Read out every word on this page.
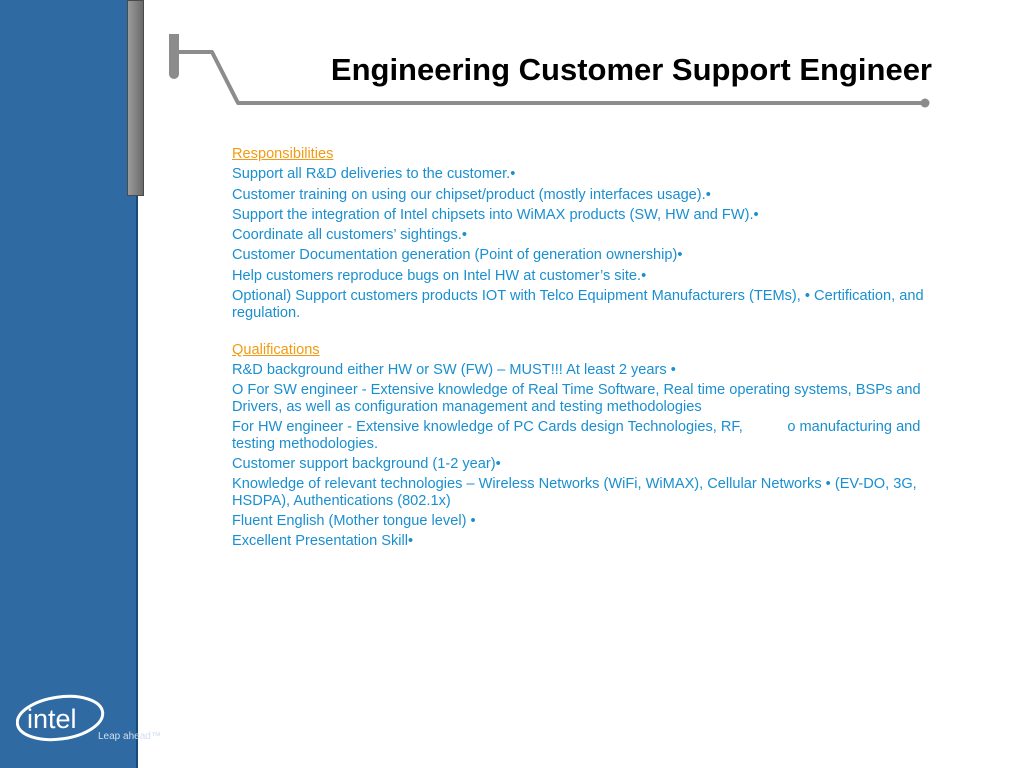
Engineering Customer Support Engineer
Responsibilities
Support all R&D deliveries to the customer.•
Customer training on using our chipset/product (mostly interfaces usage).•
Support the integration of Intel chipsets into WiMAX products (SW, HW and FW).•
Coordinate all customers’ sightings.•
Customer Documentation generation (Point of generation ownership)•
Help customers reproduce bugs on Intel HW at customer’s site.•
Optional) Support customers products IOT with Telco Equipment Manufacturers (TEMs), • Certification, and regulation.
Qualifications
R&D background either HW or SW (FW) – MUST!!! At least 2 years •
O For SW engineer - Extensive knowledge of Real Time Software, Real time operating systems, BSPs and Drivers, as well as configuration management and testing methodologies
For HW engineer - Extensive knowledge of PC Cards design Technologies, RF,           o manufacturing and testing methodologies.
Customer support background (1-2 year)•
Knowledge of relevant technologies – Wireless Networks (WiFi, WiMAX), Cellular Networks • (EV-DO, 3G, HSDPA), Authentications (802.1x)
Fluent English (Mother tongue level) •
Excellent Presentation Skill•
intel
Leap ahead™
